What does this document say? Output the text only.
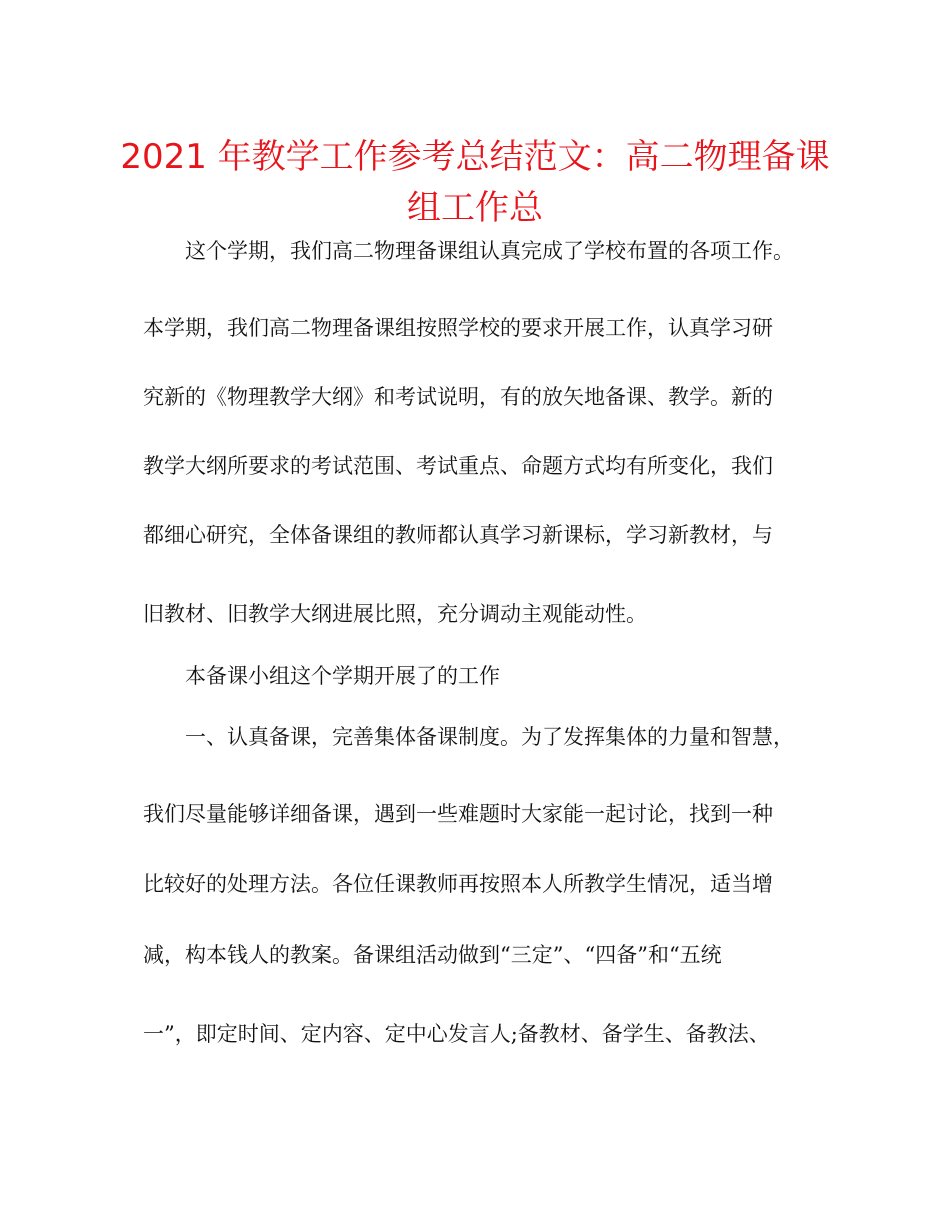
2021 年教学工作参考总结范文：高二物理备课
组工作总
这个学期，我们高二物理备课组认真完成了学校布置的各项工作。
本学期，我们高二物理备课组按照学校的要求开展工作，认真学习研
究新的《物理教学大纲》和考试说明，有的放矢地备课、教学。新的
教学大纲所要求的考试范围、考试重点、命题方式均有所变化，我们
都细心研究，全体备课组的教师都认真学习新课标，学习新教材，与
旧教材、旧教学大纲进展比照，充分调动主观能动性。
本备课小组这个学期开展了的工作
一、认真备课，完善集体备课制度。为了发挥集体的力量和智慧，
我们尽量能够详细备课，遇到一些难题时大家能一起讨论，找到一种
比较好的处理方法。各位任课教师再按照本人所教学生情况，适当增
减，构本钱人的教案。备课组活动做到“三定”、“四备”和“五统
一”，即定时间、定内容、定中心发言人;备教材、备学生、备教法、
